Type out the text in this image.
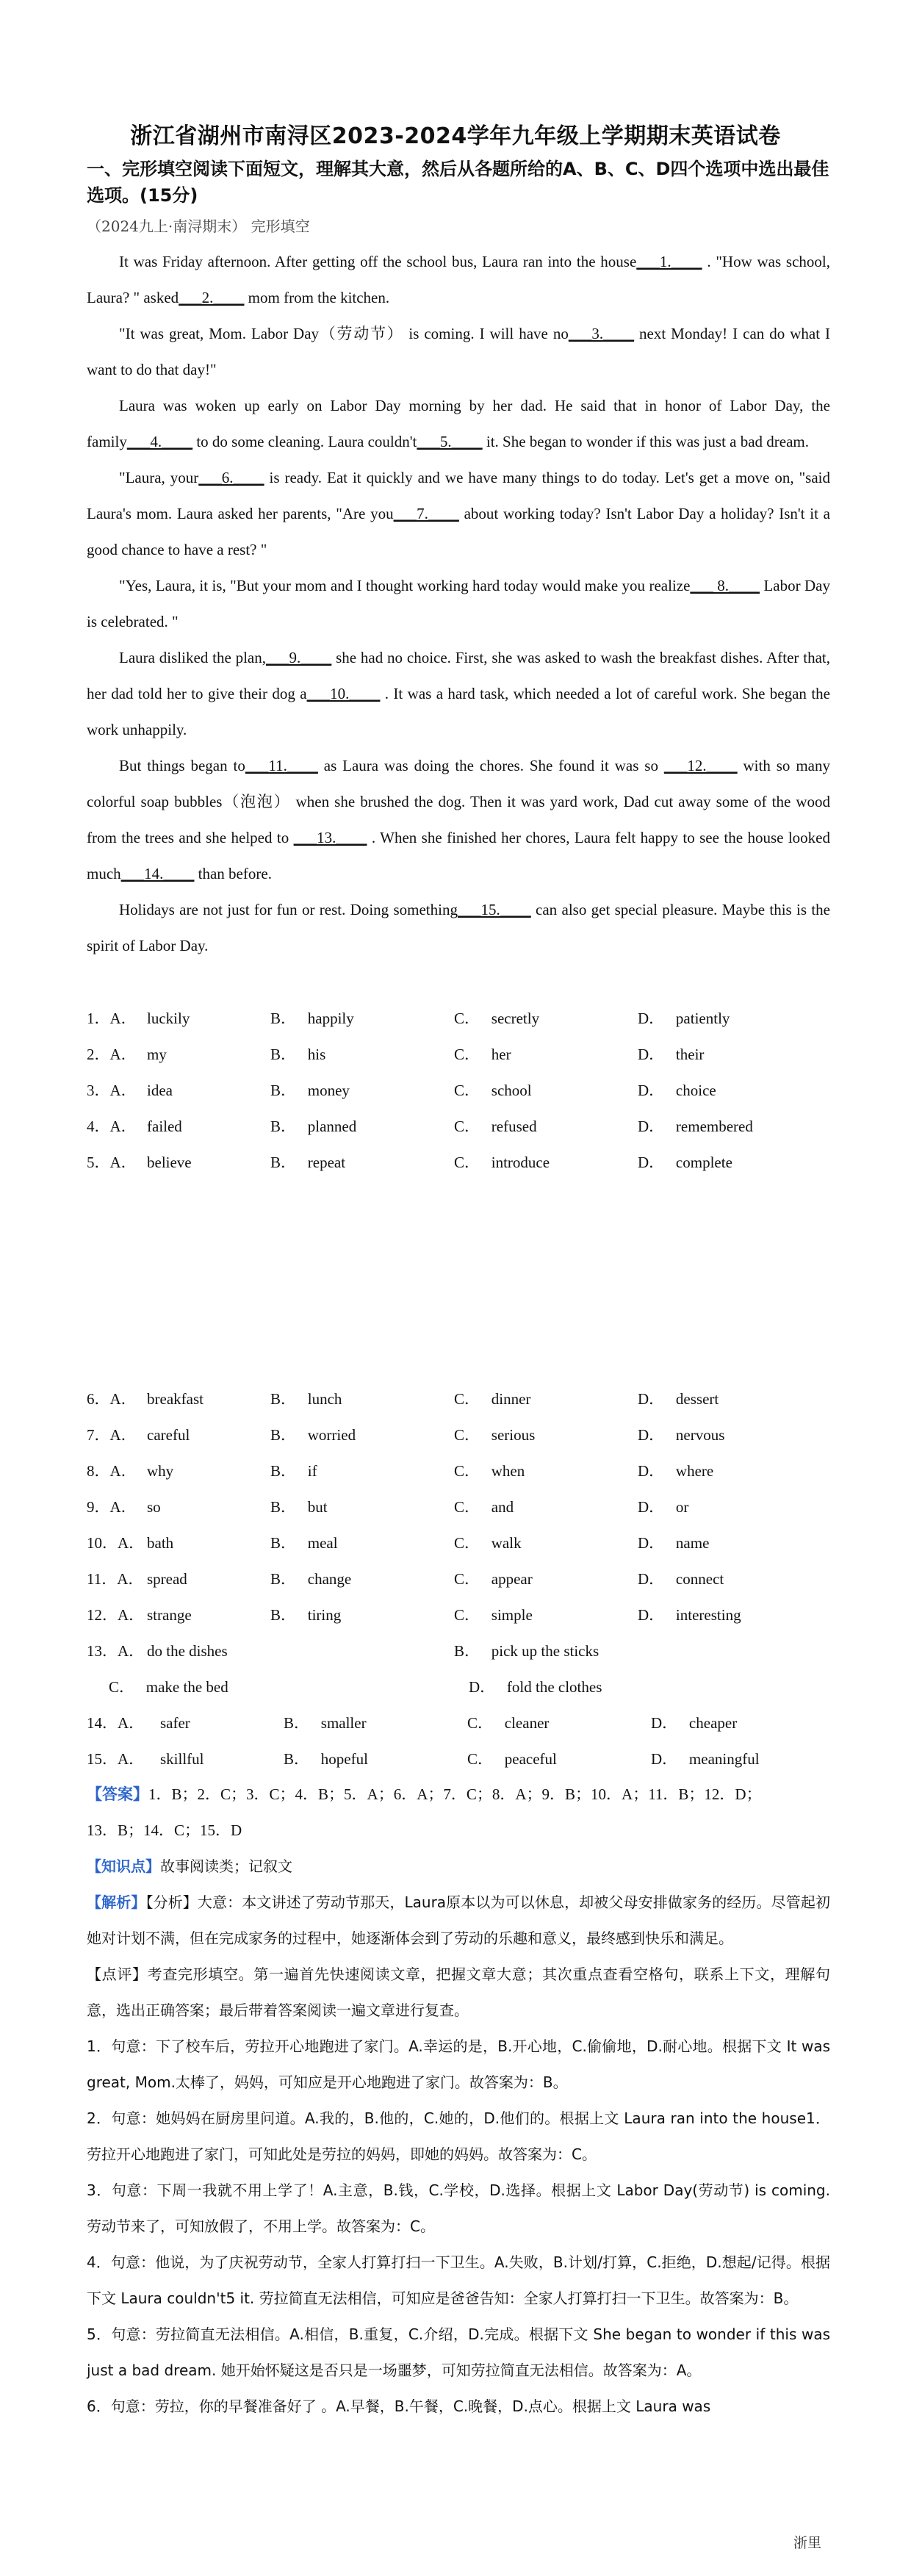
浙江省湖州市南浔区2023-2024学年九年级上学期期末英语试卷
一、完形填空阅读下面短文，理解其大意，然后从各题所给的A、B、C、D四个选项中选出最佳选项。(15分)
（2024九上·南浔期末） 完形填空

It was Friday afternoon. After getting off the school bus, Laura ran into the house___1.____ . "How was school, Laura? " asked___2.____ mom from the kitchen.

"It was great, Mom. Labor Day（劳动节） is coming. I will have no___3.____ next Monday! I can do what I want to do that day!"

Laura was woken up early on Labor Day morning by her dad. He said that in honor of Labor Day, the family___4.____ to do some cleaning. Laura couldn't___5.____ it. She began to wonder if this was just a bad dream.

"Laura, your___6.____ is ready. Eat it quickly and we have many things to do today. Let's get a move on, "said Laura's mom. Laura asked her parents, "Are you___7.____ about working today? Isn't Labor Day a holiday? Isn't it a good chance to have a rest? "

"Yes, Laura, it is, "But your mom and I thought working hard today would make you realize___ 8.____ Labor Day is celebrated. "

Laura disliked the plan,___9.____ she had no choice. First, she was asked to wash the breakfast dishes. After that, her dad told her to give their dog a___10.____ . It was a hard task, which needed a lot of careful work. She began the work unhappily.

But things began to___11.____ as Laura was doing the chores. She found it was so ___12.____ with so many colorful soap bubbles（泡泡） when she brushed the dog. Then it was yard work, Dad cut away some of the wood from the trees and she helped to ___13.____ . When she finished her chores, Laura felt happy to see the house looked much___14.____ than before.

Holidays are not just for fun or rest. Doing something___15.____ can also get special pleasure. Maybe this is the spirit of Labor Day.

1．A． luckily	B． happily	C． secretly	D． patiently
2．A． my	B． his	C． her	D． their
3．A． idea	B． money	C． school	D． choice
4．A． failed	B． planned	C． refused	D． remembered
5．A． believe	B． repeat	C． introduce	D． complete
6．A． breakfast	B． lunch	C． dinner	D． dessert
7．A． careful	B． worried	C． serious	D． nervous
8．A． why	B． if	C． when	D． where
9．A． so	B． but	C． and	D． or
10．A． bath	B． meal	C． walk	D． name
11．A． spread	B． change	C． appear	D． connect
12．A． strange	B． tiring	C． simple	D． interesting
13．A． do the dishes	B． pick up the sticks
C． make the bed	D． fold the clothes
14．A． safer	B． smaller	C． cleaner	D． cheaper
15．A． skillful	B． hopeful	C． peaceful	D． meaningful
【答案】1．B；2．C；3．C；4．B；5．A；6．A；7．C；8．A；9．B；10．A；11．B；12．D；
13．B；14．C；15．D

【知识点】故事阅读类；记叙文

【解析】【分析】大意：本文讲述了劳动节那天，Laura原本以为可以休息，却被父母安排做家务的经历。尽管起初她对计划不满，但在完成家务的过程中，她逐渐体会到了劳动的乐趣和意义，最终感到快乐和满足。

【点评】考查完形填空。第一遍首先快速阅读文章，把握文章大意；其次重点查看空格句，联系上下文，理解句意，选出正确答案；最后带着答案阅读一遍文章进行复查。

1．句意：下了校车后，劳拉开心地跑进了家门。A.幸运的是，B.开心地，C.偷偷地，D.耐心地。根据下文 It was great, Mom.太棒了，妈妈，可知应是开心地跑进了家门。故答案为：B。

2．句意：她妈妈在厨房里问道。A.我的，B.他的，C.她的，D.他们的。根据上文 Laura ran into the house1．劳拉开心地跑进了家门，可知此处是劳拉的妈妈，即她的妈妈。故答案为：C。

3．句意：下周一我就不用上学了！A.主意，B.钱，C.学校，D.选择。根据上文 Labor Day(劳动节) is coming. 劳动节来了，可知放假了，不用上学。故答案为：C。

4．句意：他说，为了庆祝劳动节，全家人打算打扫一下卫生。A.失败，B.计划/打算，C.拒绝，D.想起/记得。根据下文 Laura couldn't5 it. 劳拉简直无法相信，可知应是爸爸告知：全家人打算打扫一下卫生。故答案为：B。

5．句意：劳拉简直无法相信。A.相信，B.重复，C.介绍，D.完成。根据下文 She began to wonder if this was just a bad dream. 她开始怀疑这是否只是一场噩梦，可知劳拉简直无法相信。故答案为：A。

6．句意：劳拉，你的早餐准备好了 。A.早餐，B.午餐，C.晚餐，D.点心。根据上文 Laura was

浙里
